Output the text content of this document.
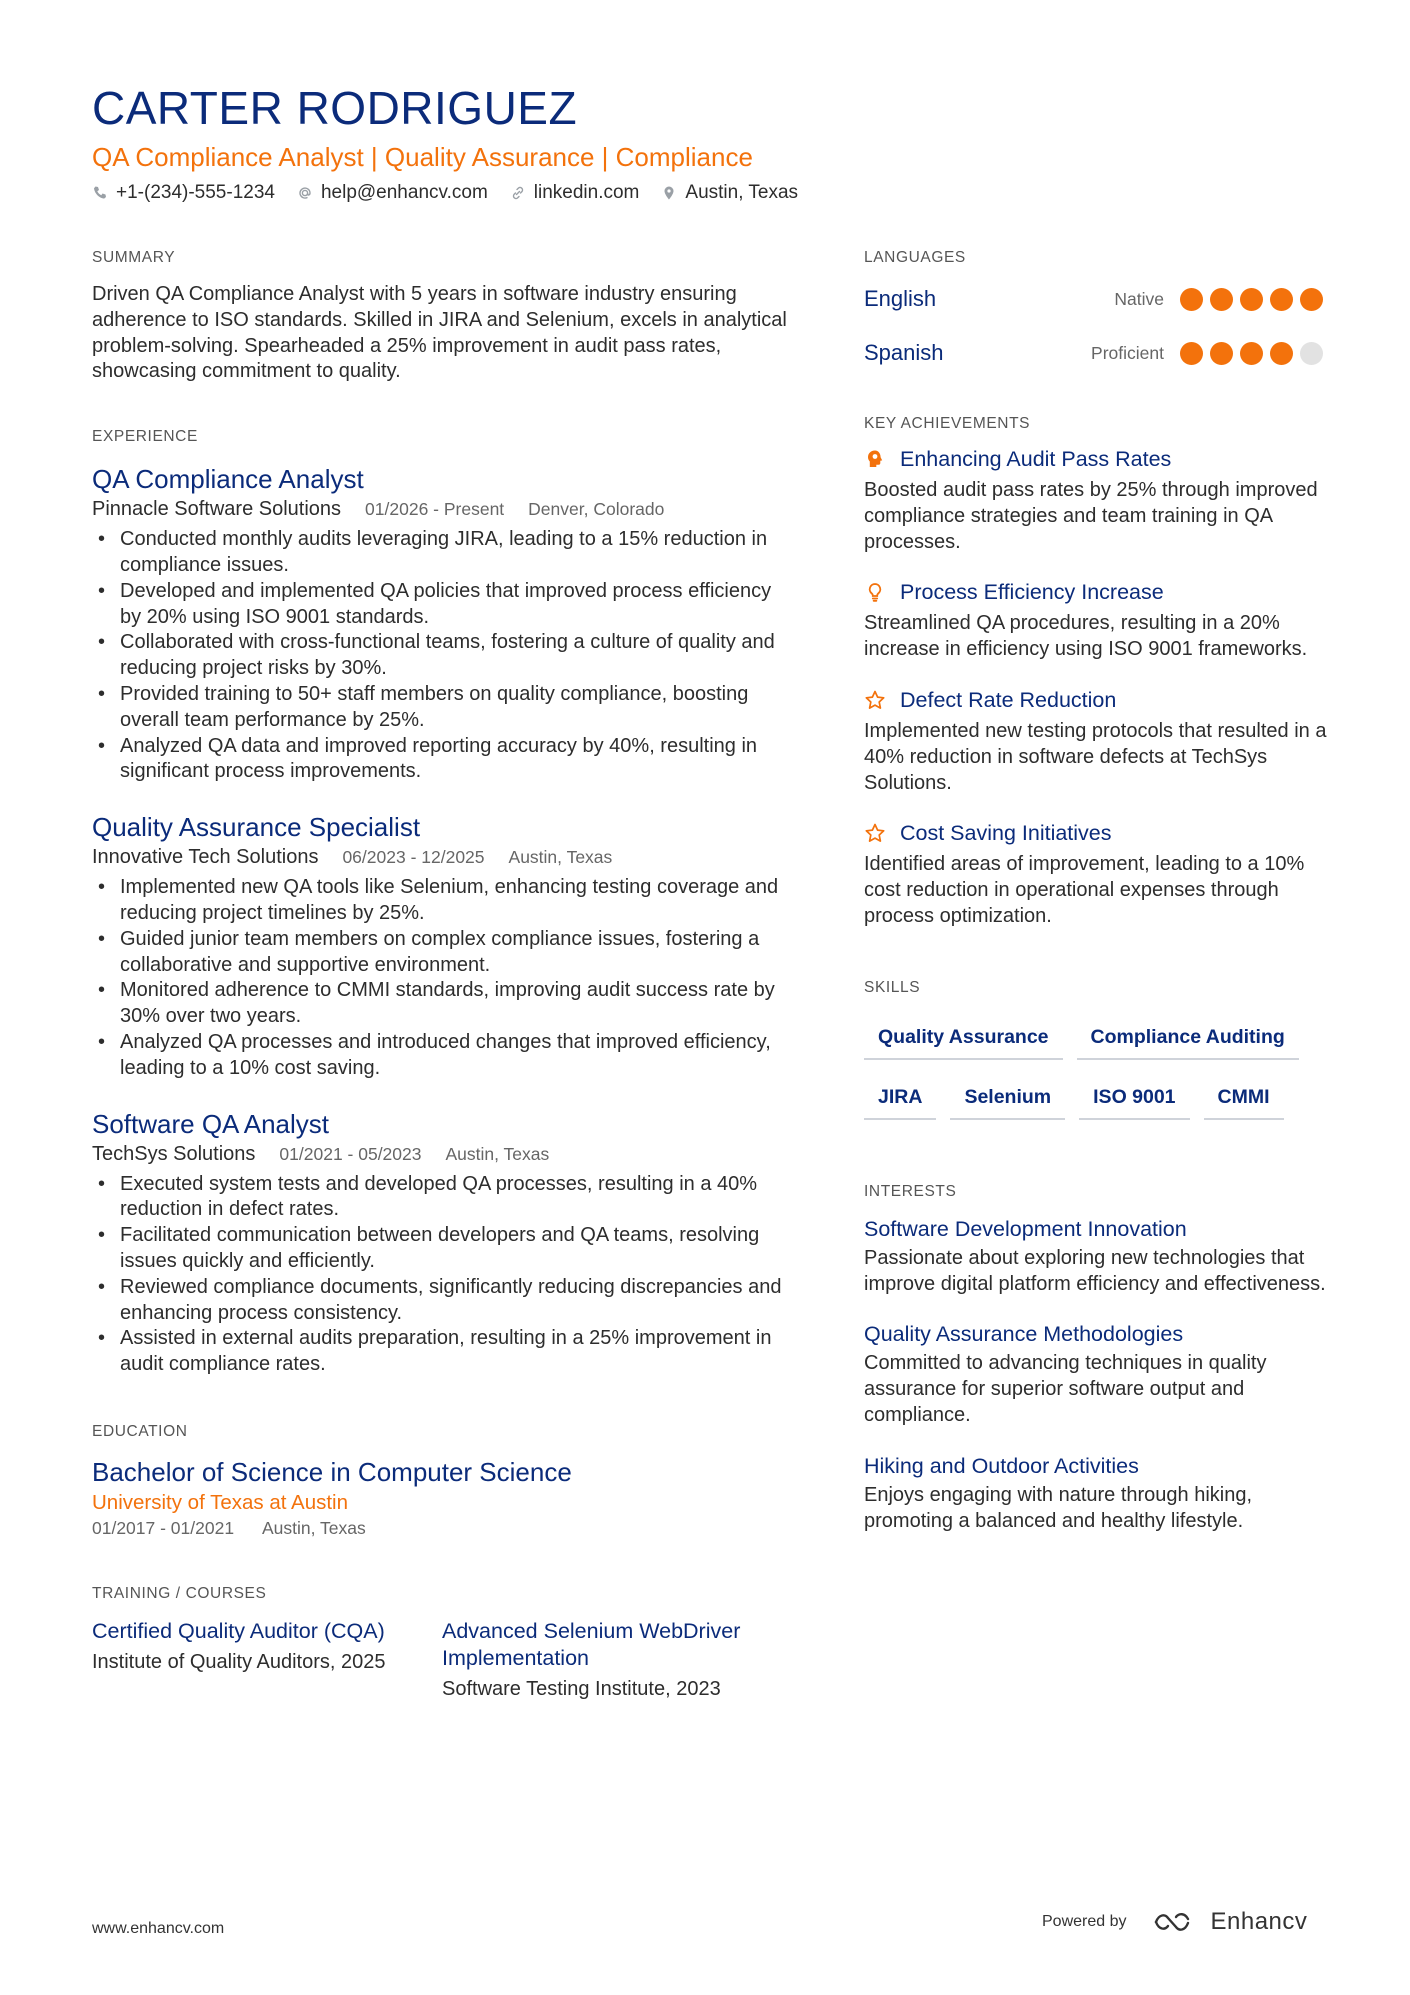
CARTER RODRIGUEZ
QA Compliance Analyst | Quality Assurance | Compliance
+1-(234)-555-1234 help@enhancv.com linkedin.com Austin, Texas
SUMMARY
Driven QA Compliance Analyst with 5 years in software industry ensuring adherence to ISO standards. Skilled in JIRA and Selenium, excels in analytical problem-solving. Spearheaded a 25% improvement in audit pass rates, showcasing commitment to quality.
EXPERIENCE
QA Compliance Analyst
Pinnacle Software Solutions 01/2026 - Present Denver, Colorado
• Conducted monthly audits leveraging JIRA, leading to a 15% reduction in compliance issues.
• Developed and implemented QA policies that improved process efficiency by 20% using ISO 9001 standards.
• Collaborated with cross-functional teams, fostering a culture of quality and reducing project risks by 30%.
• Provided training to 50+ staff members on quality compliance, boosting overall team performance by 25%.
• Analyzed QA data and improved reporting accuracy by 40%, resulting in significant process improvements.
Quality Assurance Specialist
Innovative Tech Solutions 06/2023 - 12/2025 Austin, Texas
• Implemented new QA tools like Selenium, enhancing testing coverage and reducing project timelines by 25%.
• Guided junior team members on complex compliance issues, fostering a collaborative and supportive environment.
• Monitored adherence to CMMI standards, improving audit success rate by 30% over two years.
• Analyzed QA processes and introduced changes that improved efficiency, leading to a 10% cost saving.
Software QA Analyst
TechSys Solutions 01/2021 - 05/2023 Austin, Texas
• Executed system tests and developed QA processes, resulting in a 40% reduction in defect rates.
• Facilitated communication between developers and QA teams, resolving issues quickly and efficiently.
• Reviewed compliance documents, significantly reducing discrepancies and enhancing process consistency.
• Assisted in external audits preparation, resulting in a 25% improvement in audit compliance rates.
EDUCATION
Bachelor of Science in Computer Science
University of Texas at Austin
01/2017 - 01/2021 Austin, Texas
TRAINING / COURSES
Certified Quality Auditor (CQA)
Institute of Quality Auditors, 2025
Advanced Selenium WebDriver Implementation
Software Testing Institute, 2023
LANGUAGES
English	Native
Spanish	Proficient
KEY ACHIEVEMENTS
Enhancing Audit Pass Rates
Boosted audit pass rates by 25% through improved compliance strategies and team training in QA processes.
Process Efficiency Increase
Streamlined QA procedures, resulting in a 20% increase in efficiency using ISO 9001 frameworks.
Defect Rate Reduction
Implemented new testing protocols that resulted in a 40% reduction in software defects at TechSys Solutions.
Cost Saving Initiatives
Identified areas of improvement, leading to a 10% cost reduction in operational expenses through process optimization.
SKILLS
Quality Assurance	Compliance Auditing
JIRA	Selenium	ISO 9001	CMMI
INTERESTS
Software Development Innovation
Passionate about exploring new technologies that improve digital platform efficiency and effectiveness.
Quality Assurance Methodologies
Committed to advancing techniques in quality assurance for superior software output and compliance.
Hiking and Outdoor Activities
Enjoys engaging with nature through hiking, promoting a balanced and healthy lifestyle.
www.enhancv.com	Powered by	Enhancv
